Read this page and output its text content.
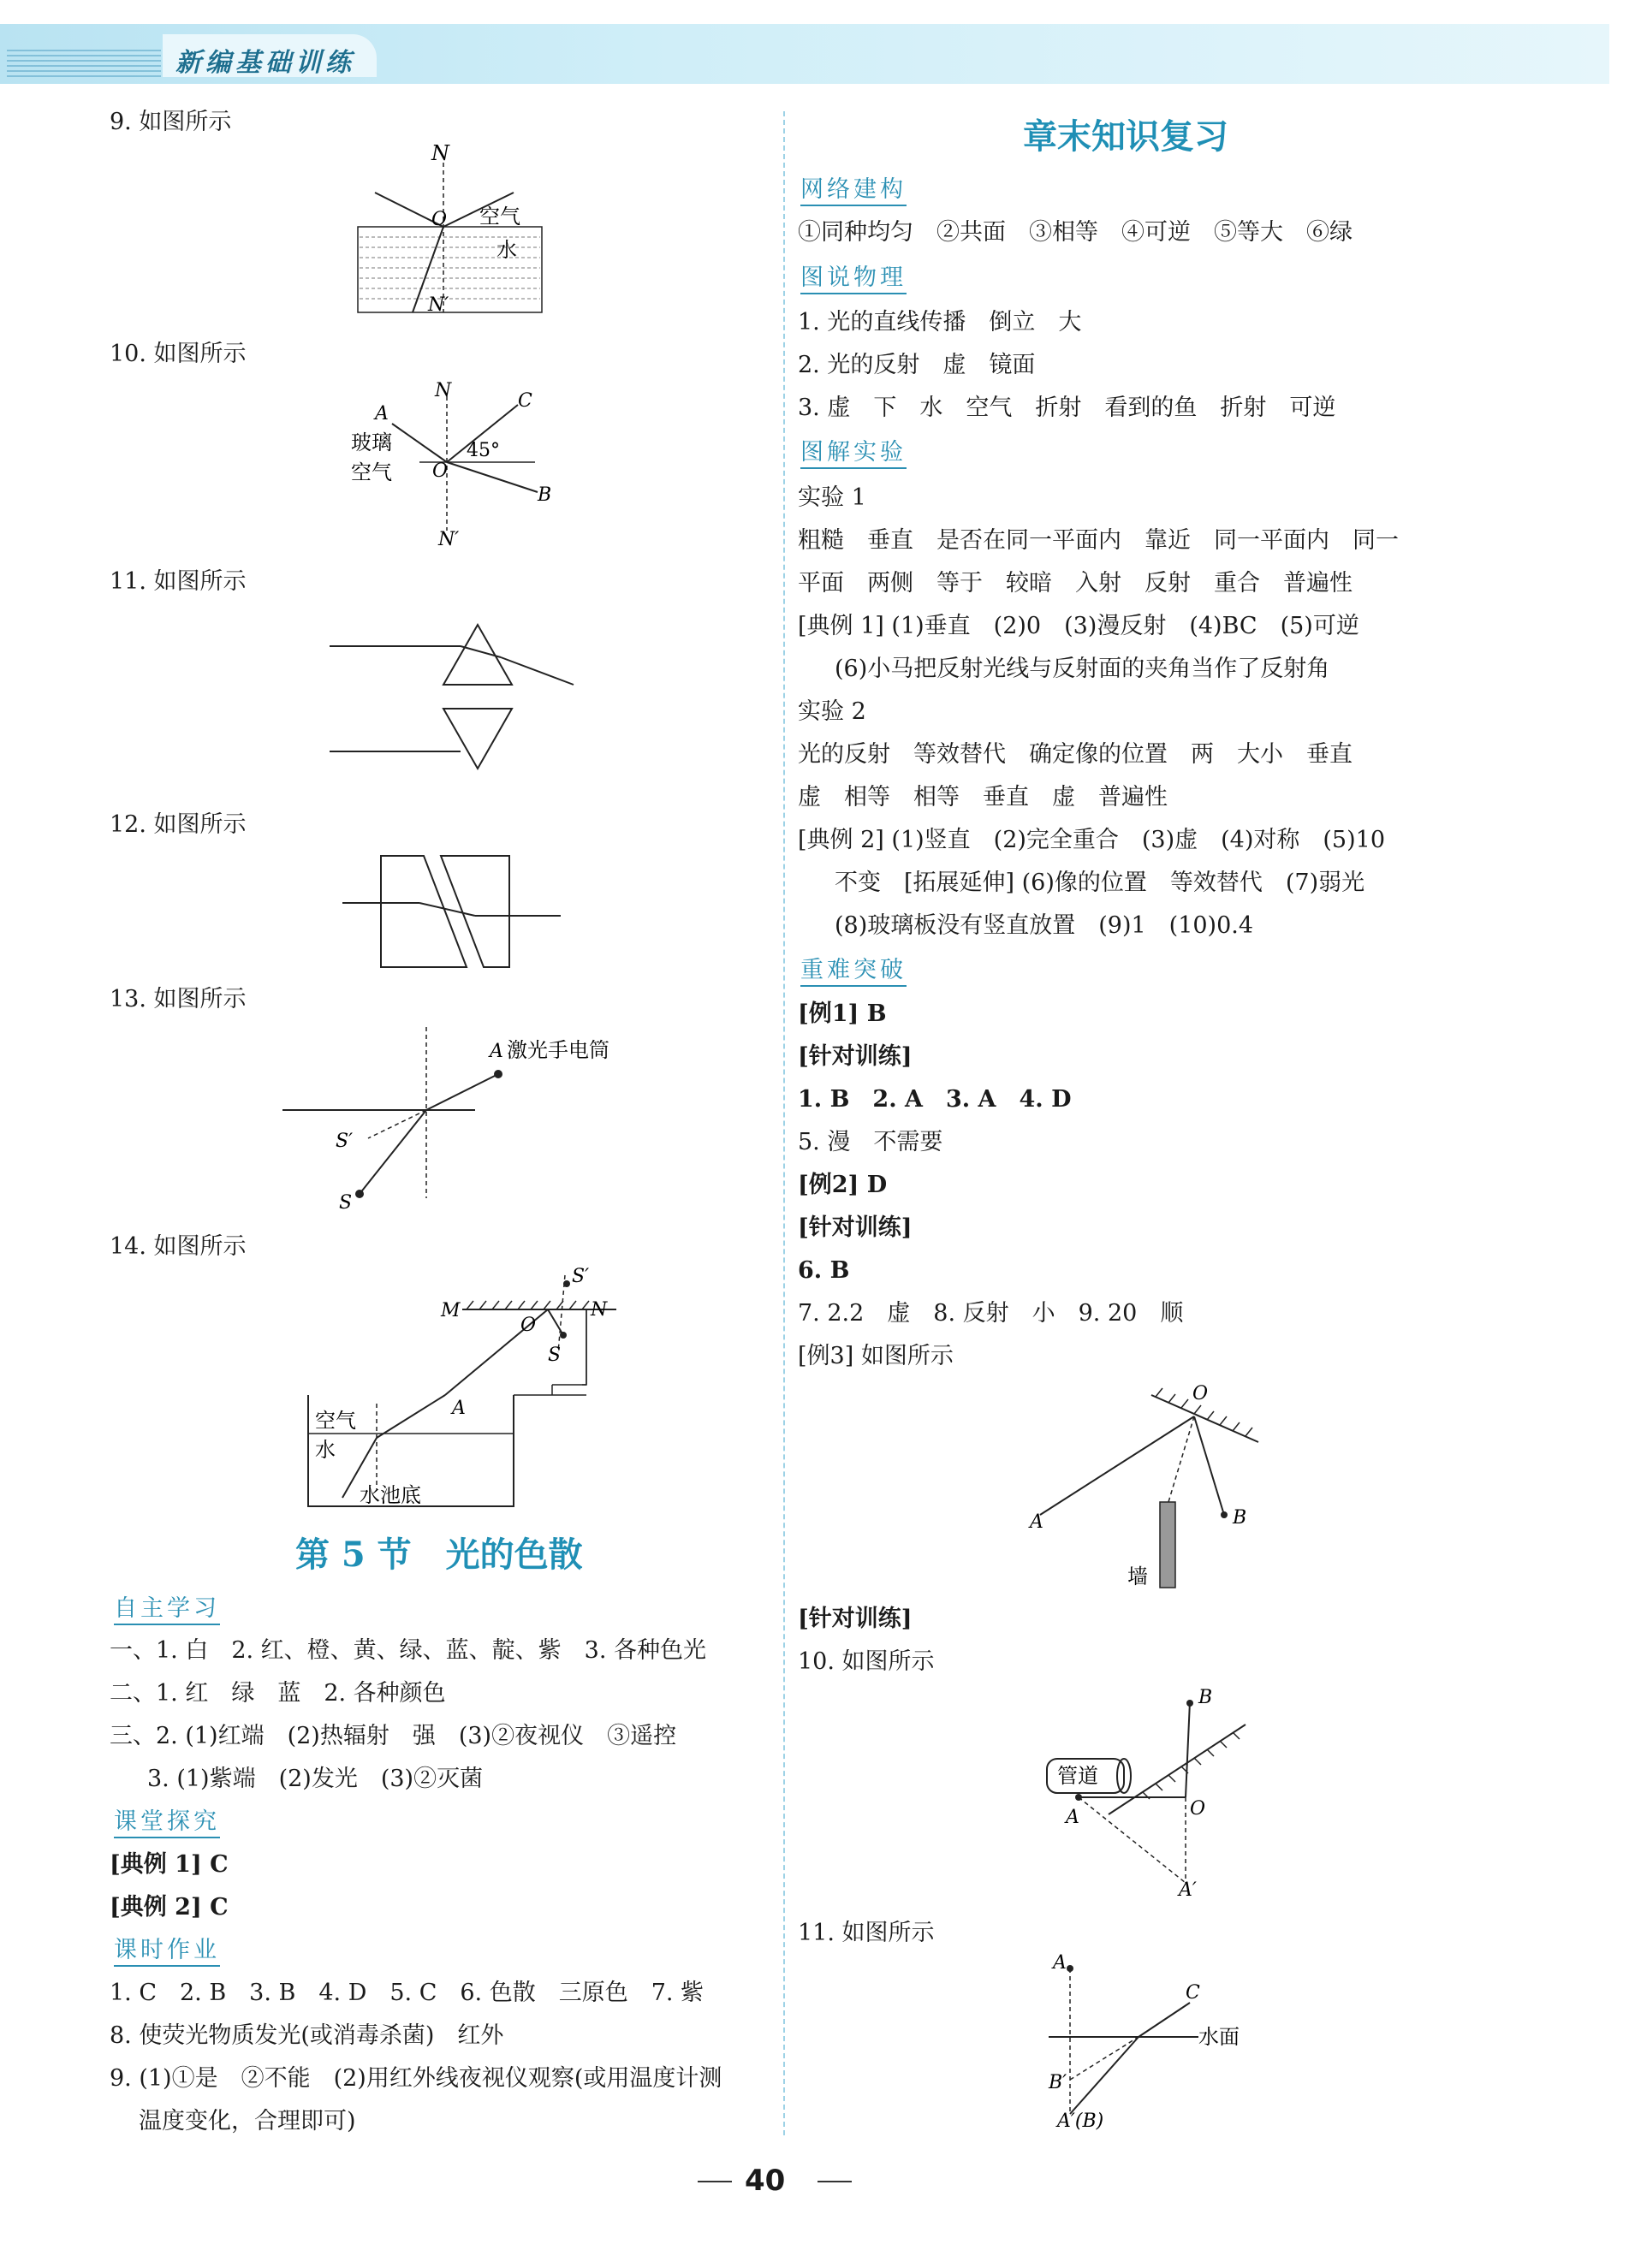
新编基础训练
9. 如图所示
N
O 空气
水
N′
10. 如图所示
A
N	C
玻璃	45°
空气 O
B
N′
11. 如图所示
12. 如图所示
13. 如图所示
A 激光手电筒
S′
S
14. 如图所示
M
S′
N
O
S
A
空气
水
水池底
第 5 节　光的色散
自主学习
一、1. 白　2. 红、橙、黄、绿、蓝、靛、紫　3. 各种色光
二、1. 红　绿　蓝　2. 各种颜色
三、2. (1)红端　(2)热辐射　强　(3)②夜视仪　③遥控
3. (1)紫端　(2)发光　(3)②灭菌
课堂探究
[典例 1] C
[典例 2] C
课时作业
1. C　2. B　3. B　4. D　5. C　6. 色散　三原色　7. 紫
8. 使荧光物质发光(或消毒杀菌)　红外
9. (1)①是　②不能　(2)用红外线夜视仪观察(或用温度计测
温度变化，合理即可)
章末知识复习
网络建构
①同种均匀　②共面　③相等　④可逆　⑤等大　⑥绿
图说物理
1. 光的直线传播　倒立　大
2. 光的反射　虚　镜面
3. 虚　下　水　空气　折射　看到的鱼　折射　可逆
图解实验
实验 1
粗糙　垂直　是否在同一平面内　靠近　同一平面内　同一
平面　两侧　等于　较暗　入射　反射　重合　普遍性
[典例 1] (1)垂直　(2)0　(3)漫反射　(4)BC　(5)可逆
(6)小马把反射光线与反射面的夹角当作了反射角
实验 2
光的反射　等效替代　确定像的位置　两　大小　垂直
虚　相等　相等　垂直　虚　普遍性
[典例 2] (1)竖直　(2)完全重合　(3)虚　(4)对称　(5)10
不变　[拓展延伸] (6)像的位置　等效替代　(7)弱光
(8)玻璃板没有竖直放置　(9)1　(10)0.4
重难突破
[例1] B
[针对训练]
1. B　2. A　3. A　4. D
5. 漫　不需要
[例2] D
[针对训练]
6. B
7. 2.2　虚　8. 反射　小　9. 20　顺
[例3] 如图所示
O
A	B
墙
[针对训练]
10. 如图所示
B
管道
A	O
A′
11. 如图所示
A
C
水面
B′
A′(B)
40
